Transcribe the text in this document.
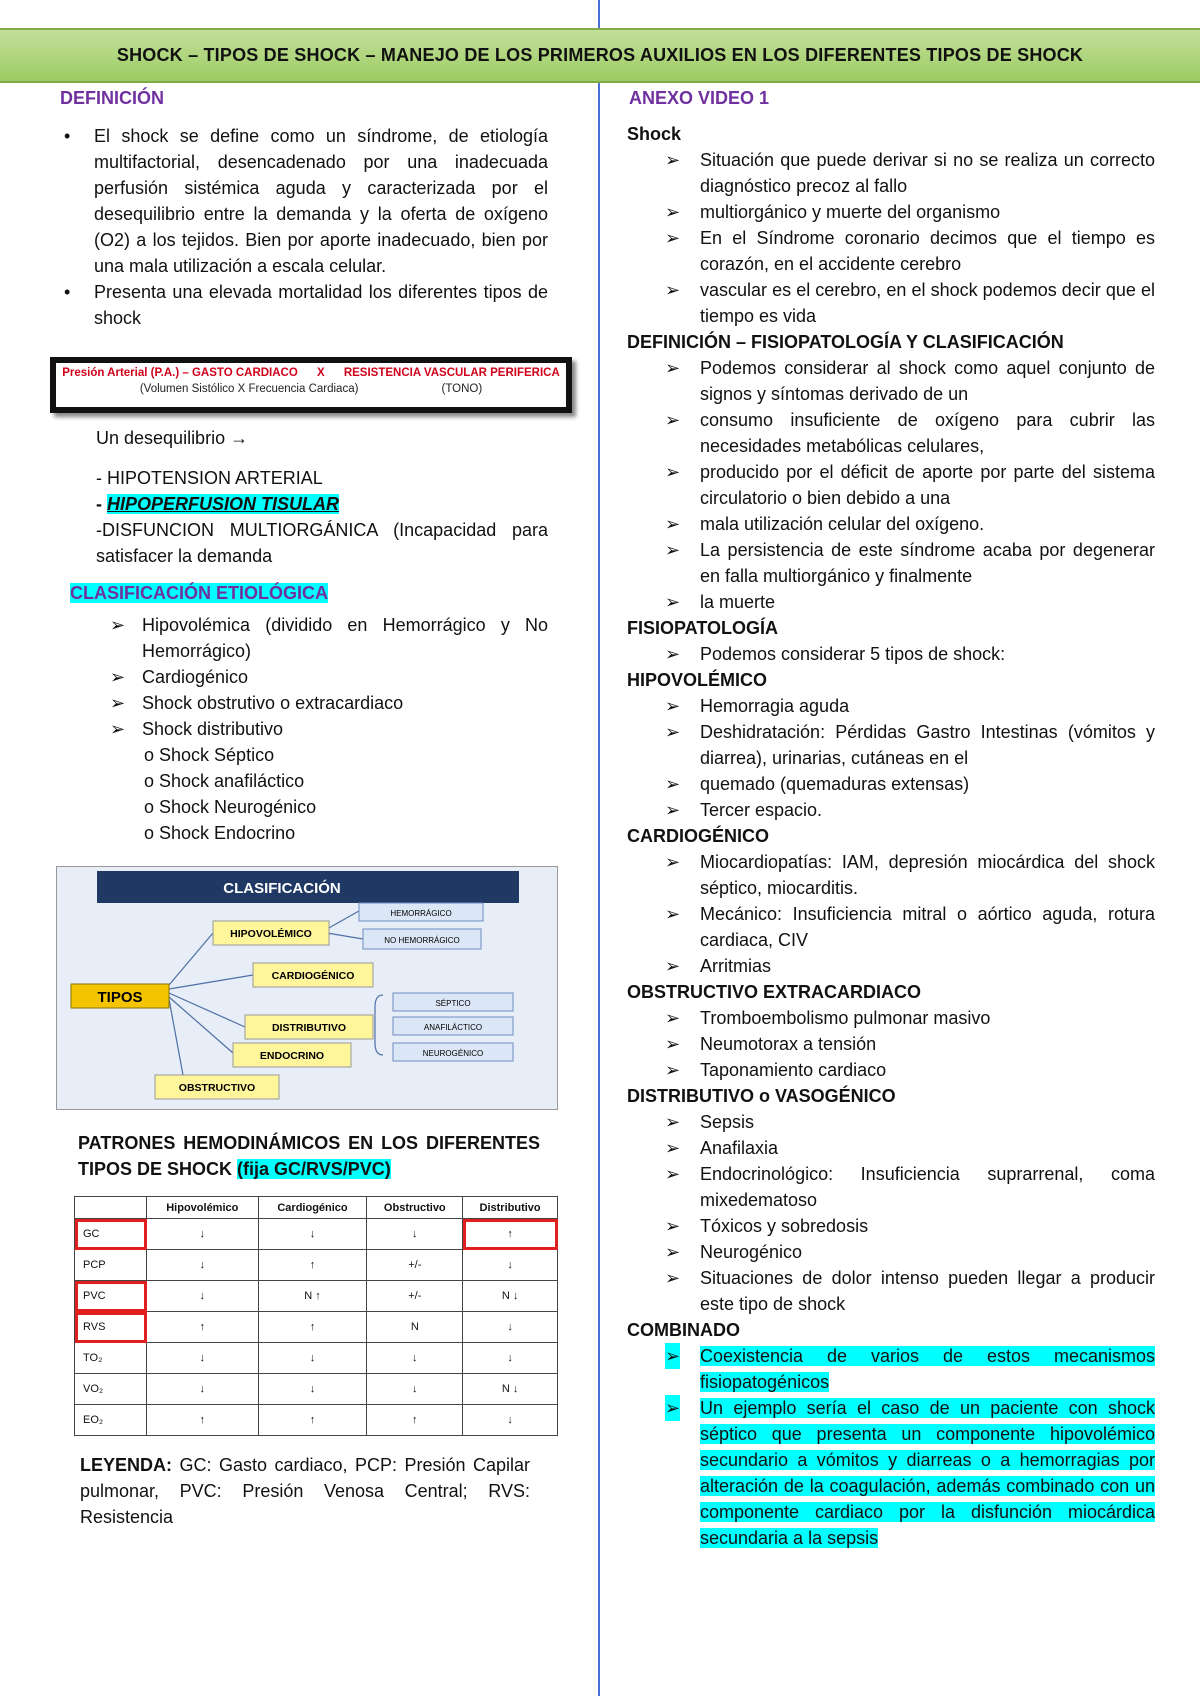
SHOCK – TIPOS DE SHOCK – MANEJO DE LOS PRIMEROS AUXILIOS EN LOS DIFERENTES TIPOS DE SHOCK
DEFINICIÓN
• El shock se define como un síndrome, de etiología multifactorial, desencadenado por una inadecuada perfusión sistémica aguda y caracterizada por el desequilibrio entre la demanda y la oferta de oxígeno (O2) a los tejidos. Bien por aporte inadecuado, bien por una mala utilización a escala celular.
• Presenta una elevada mortalidad los diferentes tipos de shock
Presión Arterial (P.A.) – GASTO CARDIACO      X      RESISTENCIA VASCULAR PERIFERICA
(Volumen Sistólico X Frecuencia Cardiaca)                          (TONO)
Un desequilibrio →
- HIPOTENSION ARTERIAL
- HIPOPERFUSION TISULAR
-DISFUNCION MULTIORGÁNICA (Incapacidad para satisfacer la demanda
CLASIFICACIÓN ETIOLÓGICA
➢ Hipovolémica (dividido en Hemorrágico y No Hemorrágico)
➢ Cardiogénico
➢ Shock obstrutivo o extracardiaco
➢ Shock distributivo
o Shock Séptico
o Shock anafiláctico
o Shock Neurogénico
o Shock Endocrino
CLASIFICACIÓN
TIPOS
HIPOVOLÉMICO
HEMORRÁGICO
NO HEMORRÁGICO
CARDIOGÉNICO
DISTRIBUTIVO
SÉPTICO
ANAFILÁCTICO
NEUROGÉNICO
ENDOCRINO
OBSTRUCTIVO
PATRONES HEMODINÁMICOS EN LOS DIFERENTES TIPOS DE SHOCK (fija GC/RVS/PVC)
	Hipovolémico	Cardiogénico	Obstructivo	Distributivo
GC	↓	↓	↓	↑
PCP	↓	↑	+/-	↓
PVC	↓	N ↑	+/-	N ↓
RVS	↑	↑	N	↓
TO₂	↓	↓	↓	↓
VO₂	↓	↓	↓	N ↓
EO₂	↑	↑	↑	↓
LEYENDA: GC: Gasto cardiaco, PCP: Presión Capilar pulmonar, PVC: Presión Venosa Central; RVS: Resistencia
ANEXO VIDEO 1
Shock
➢ Situación que puede derivar si no se realiza un correcto diagnóstico precoz al fallo
➢ multiorgánico y muerte del organismo
➢ En el Síndrome coronario decimos que el tiempo es corazón, en el accidente cerebro
➢ vascular es el cerebro, en el shock podemos decir que el tiempo es vida
DEFINICIÓN – FISIOPATOLOGÍA Y CLASIFICACIÓN
➢ Podemos considerar al shock como aquel conjunto de signos y síntomas derivado de un
➢ consumo insuficiente de oxígeno para cubrir las necesidades metabólicas celulares,
➢ producido por el déficit de aporte por parte del sistema circulatorio o bien debido a una
➢ mala utilización celular del oxígeno.
➢ La persistencia de este síndrome acaba por degenerar en falla multiorgánico y finalmente
➢ la muerte
FISIOPATOLOGÍA
➢ Podemos considerar 5 tipos de shock:
HIPOVOLÉMICO
➢ Hemorragia aguda
➢ Deshidratación: Pérdidas Gastro Intestinas (vómitos y diarrea), urinarias, cutáneas en el
➢ quemado (quemaduras extensas)
➢ Tercer espacio.
CARDIOGÉNICO
➢ Miocardiopatías: IAM, depresión miocárdica del shock séptico, miocarditis.
➢ Mecánico: Insuficiencia mitral o aórtico aguda, rotura cardiaca, CIV
➢ Arritmias
OBSTRUCTIVO EXTRACARDIACO
➢ Tromboembolismo pulmonar masivo
➢ Neumotorax a tensión
➢ Taponamiento cardiaco
DISTRIBUTIVO o VASOGÉNICO
➢ Sepsis
➢ Anafilaxia
➢ Endocrinológico: Insuficiencia suprarrenal, coma mixedematoso
➢ Tóxicos y sobredosis
➢ Neurogénico
➢ Situaciones de dolor intenso pueden llegar a producir este tipo de shock
COMBINADO
➢ Coexistencia de varios de estos mecanismos fisiopatogénicos
➢ Un ejemplo sería el caso de un paciente con shock séptico que presenta un componente hipovolémico secundario a vómitos y diarreas o a hemorragias por alteración de la coagulación, además combinado con un componente cardiaco por la disfunción miocárdica secundaria a la sepsis
